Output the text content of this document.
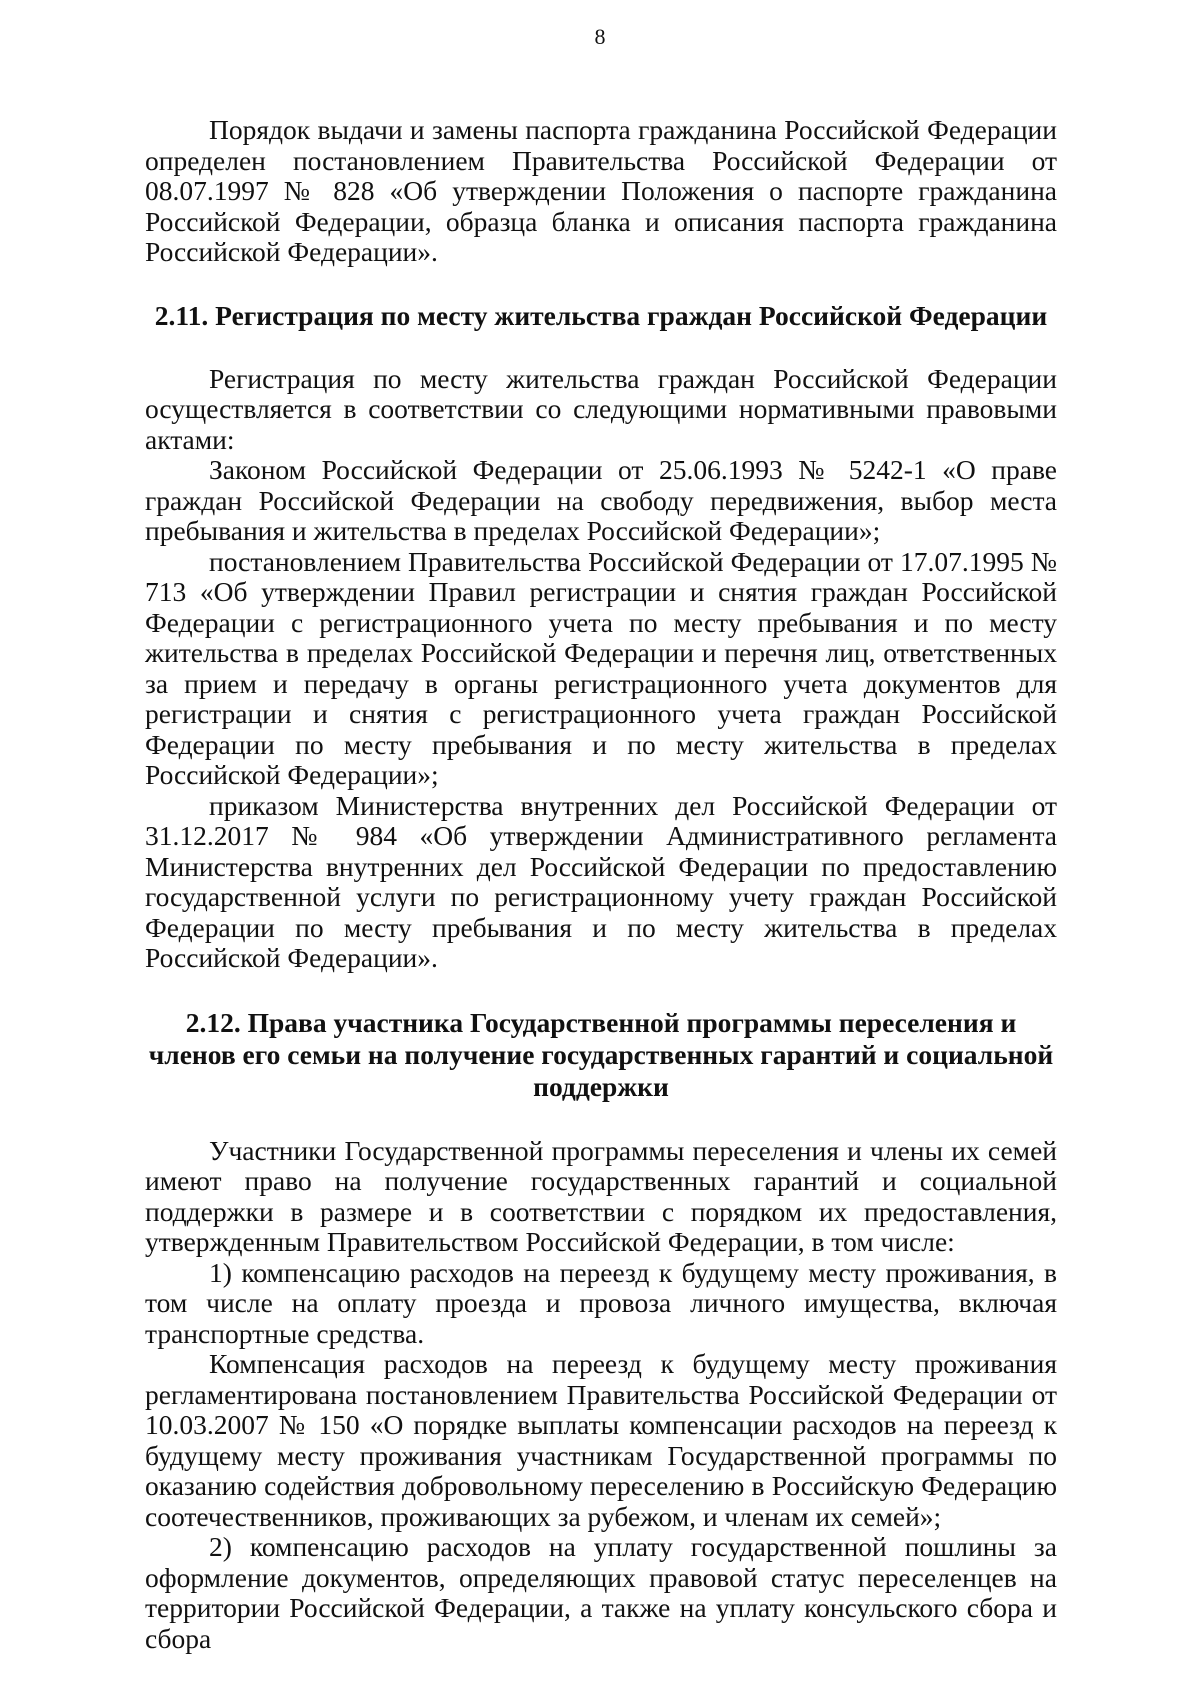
8

Порядок выдачи и замены паспорта гражданина Российской Федерации определен постановлением Правительства Российской Федерации от 08.07.1997 № 828 «Об утверждении Положения о паспорте гражданина Российской Федерации, образца бланка и описания паспорта гражданина Российской Федерации».

2.11. Регистрация по месту жительства граждан Российской Федерации

Регистрация по месту жительства граждан Российской Федерации осуществляется в соответствии со следующими нормативными правовыми актами:

Законом Российской Федерации от 25.06.1993 № 5242-1 «О праве граждан Российской Федерации на свободу передвижения, выбор места пребывания и жительства в пределах Российской Федерации»;

постановлением Правительства Российской Федерации от 17.07.1995 № 713 «Об утверждении Правил регистрации и снятия граждан Российской Федерации с регистрационного учета по месту пребывания и по месту жительства в пределах Российской Федерации и перечня лиц, ответственных за прием и передачу в органы регистрационного учета документов для регистрации и снятия с регистрационного учета граждан Российской Федерации по месту пребывания и по месту жительства в пределах Российской Федерации»;

приказом Министерства внутренних дел Российской Федерации от 31.12.2017 № 984 «Об утверждении Административного регламента Министерства внутренних дел Российской Федерации по предоставлению государственной услуги по регистрационному учету граждан Российской Федерации по месту пребывания и по месту жительства в пределах Российской Федерации».

2.12. Права участника Государственной программы переселения и членов его семьи на получение государственных гарантий и социальной поддержки

Участники Государственной программы переселения и члены их семей имеют право на получение государственных гарантий и социальной поддержки в размере и в соответствии с порядком их предоставления, утвержденным Правительством Российской Федерации, в том числе:

1) компенсацию расходов на переезд к будущему месту проживания, в том числе на оплату проезда и провоза личного имущества, включая транспортные средства.

Компенсация расходов на переезд к будущему месту проживания регламентирована постановлением Правительства Российской Федерации от 10.03.2007 № 150 «О порядке выплаты компенсации расходов на переезд к будущему месту проживания участникам Государственной программы по оказанию содействия добровольному переселению в Российскую Федерацию соотечественников, проживающих за рубежом, и членам их семей»;

2) компенсацию расходов на уплату государственной пошлины за оформление документов, определяющих правовой статус переселенцев на территории Российской Федерации, а также на уплату консульского сбора и сбора
